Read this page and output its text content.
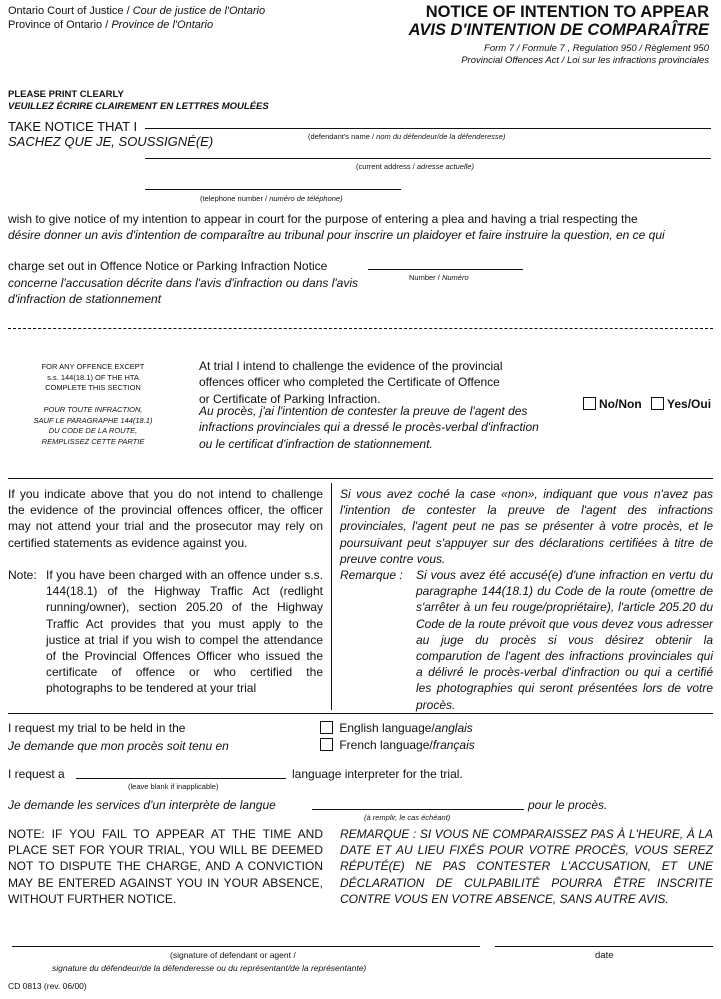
Ontario Court of Justice / Cour de justice de l'Ontario
Province of Ontario / Province de l'Ontario
NOTICE OF INTENTION TO APPEAR
AVIS D'INTENTION DE COMPARAÎTRE
Form 7 / Formule 7 , Regulation 950 / Règlement 950
Provincial Offences Act / Loi sur les infractions provinciales
PLEASE PRINT CLEARLY
VEUILLEZ ÉCRIRE CLAIREMENT EN LETTRES MOULÉES
TAKE NOTICE THAT I
(defendant's name / nom du défendeur/de la défenderesse)
SACHEZ QUE JE, SOUSSIGNÉ(E)
(current address / adresse actuelle)
(telephone number / numéro de téléphone)
wish to give notice of my intention to appear in court for the purpose of entering a plea and having a trial respecting the
désire donner un avis d'intention de comparaître au tribunal pour inscrire un plaidoyer et faire instruire la question, en ce qui
charge set out in Offence Notice or Parking Infraction Notice
Number / Numéro
concerne l'accusation décrite dans l'avis d'infraction ou dans l'avis
d'infraction de stationnement
FOR ANY OFFENCE EXCEPT
s.s. 144(18.1) OF THE HTA
COMPLETE THIS SECTION
POUR TOUTE INFRACTION,
SAUF LE PARAGRAPHE 144(18.1)
DU CODE DE LA ROUTE,
REMPLISSEZ CETTE PARTIE
At trial I intend to challenge the evidence of the provincial
offences officer who completed the Certificate of Offence
or Certificate of Parking Infraction.
Au procès, j'ai l'intention de contester la preuve de l'agent des
infractions provinciales qui a dressé le procès-verbal d'infraction
ou le certificat d'infraction de stationnement.
No/Non	Yes/Oui
If you indicate above that you do not intend to challenge the evidence of the provincial offences officer, the officer may not attend your trial and the prosecutor may rely on certified statements as evidence against you.
Si vous avez coché la case «non», indiquant que vous n'avez pas l'intention de contester la preuve de l'agent des infractions provinciales, l'agent peut ne pas se présenter à votre procès, et le poursuivant peut s'appuyer sur des déclarations certifiées à titre de preuve contre vous.
Note: If you have been charged with an offence under s.s. 144(18.1) of the Highway Traffic Act (redlight running/owner), section 205.20 of the Highway Traffic Act provides that you must apply to the justice at trial if you wish to compel the attendance of the Provincial Offences Officer who issued the certificate of offence or who certified the photographs to be tendered at your trial
Remarque : Si vous avez été accusé(e) d'une infraction en vertu du paragraphe 144(18.1) du Code de la route (omettre de s'arrêter à un feu rouge/propriétaire), l'article 205.20 du Code de la route prévoit que vous devez vous adresser au juge du procès si vous désirez obtenir la comparution de l'agent des infractions provinciales qui a délivré le procès-verbal d'infraction ou qui a certifié les photographies qui seront présentées lors de votre procès.
I request my trial to be held in the
Je demande que mon procès soit tenu en
English language/anglais
French language/français
I request a
(leave blank if inapplicable)
language interpreter for the trial.
Je demande les services d'un interprète de langue
(à remplir, le cas échéant)
pour le procès.
NOTE: IF YOU FAIL TO APPEAR AT THE TIME AND PLACE SET FOR YOUR TRIAL, YOU WILL BE DEEMED NOT TO DISPUTE THE CHARGE, AND A CONVICTION MAY BE ENTERED AGAINST YOU IN YOUR ABSENCE, WITHOUT FURTHER NOTICE.
REMARQUE : SI VOUS NE COMPARAISSEZ PAS À L'HEURE, À LA DATE ET AU LIEU FIXÉS POUR VOTRE PROCÈS, VOUS SEREZ RÉPUTÉ(E) NE PAS CONTESTER L'ACCUSATION, ET UNE DÉCLARATION DE CULPABILITÉ POURRA ÊTRE INSCRITE CONTRE VOUS EN VOTRE ABSENCE, SANS AUTRE AVIS.
(signature of defendant or agent /
signature du défendeur/de la défenderesse ou du représentant/de la représentante)
date
CD 0813 (rev. 06/00)
